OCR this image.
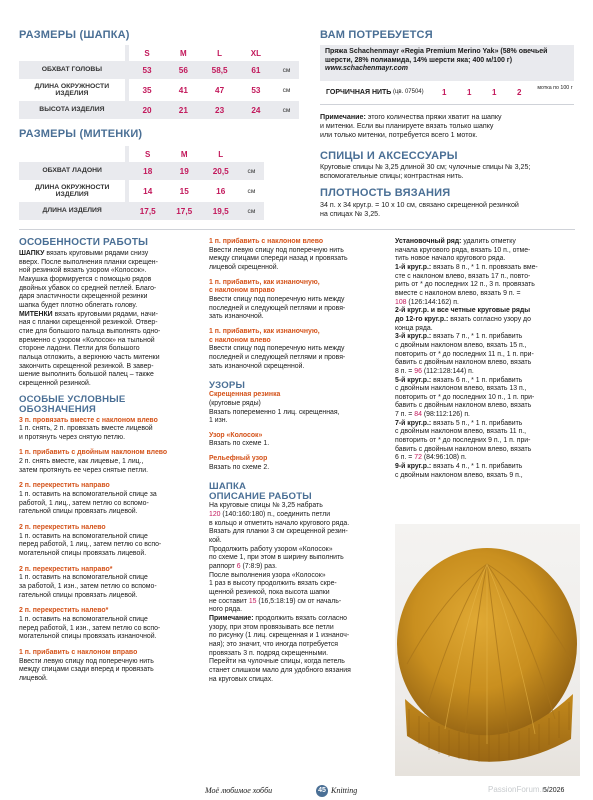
РАЗМЕРЫ (ШАПКА)
		S	M	L	XL	
ОБХВАТ ГОЛОВЫ		53	56	58,5	61	см
ДЛИНА ОКРУЖНОСТИ ИЗДЕЛИЯ		35	41	47	53	см
ВЫСОТА ИЗДЕЛИЯ		20	21	23	24	см
РАЗМЕРЫ (МИТЕНКИ)
		S	M	L	
ОБХВАТ ЛАДОНИ		18	19	20,5	см
ДЛИНА ОКРУЖНОСТИ ИЗДЕЛИЯ		14	15	16	см
ДЛИНА ИЗДЕЛИЯ		17,5	17,5	19,5	см
ВАМ ПОТРЕБУЕТСЯ
Пряжа Schachenmayr «Regia Premium Merino Yak» (58% овечьей
шерсти, 28% полиамида, 14% шерсти яка; 400 м/100 г)
www.schachenmayr.com
ГОРЧИЧНАЯ НИТЬ (цв. 07504) 1	1	1	2	мотка по 100 г
Примечание: этого количества пряжи хватит на шапку
и митенки. Если вы планируете вязать только шапку
или только митенки, потребуется всего 1 моток.
СПИЦЫ И АКСЕССУАРЫ
Круговые спицы № 3,25 длиной 30 см; чулочные спицы № 3,25;
вспомогательные спицы; контрастная нить.
ПЛОТНОСТЬ ВЯЗАНИЯ
34 п. x 34 круг.р. = 10 x 10 см, связано скрещенной резинкой
на спицах № 3,25.
ОСОБЕННОСТИ РАБОТЫ
ШАПКУ вязать круговыми рядами снизу
вверх. После выполнения планки скрещен-
ной резинкой вязать узором «Колосок».
Макушка формируется с помощью рядов
двойных убавок со средней петлей. Благо-
даря эластичности скрещенной резинки
шапка будет плотно облегать голову.
МИТЕНКИ вязать круговыми рядами, начи-
ная с планки скрещенной резинкой. Отвер-
стие для большого пальца выполнять одно-
временно с узором «Колосок» на тыльной
стороне ладони. Петли для большого
пальца отложить, а верхнюю часть митенки
закончить скрещенной резинкой. В завер-
шение выполнить большой палец – также
скрещенной резинкой.
ОСОБЫЕ УСЛОВНЫЕ
ОБОЗНАЧЕНИЯ
3 п. провязать вместе с наклоном влево
1 п. снять, 2 п. провязать вместе лицевой
и протянуть через снятую петлю.
1 п. прибавить с двойным наклоном влево
2 п. снять вместе, как лицевые, 1 лиц.,
затем протянуть ее через снятые петли.
2 п. перекрестить направо
1 п. оставить на вспомогательной спице за
работой, 1 лиц., затем петлю со вспомо-
гательной спицы провязать лицевой.
2 п. перекрестить налево
1 п. оставить на вспомогательной спице
перед работой, 1 лиц., затем петлю со вспо-
могательной спицы провязать лицевой.
2 п. перекрестить направо*
1 п. оставить на вспомогательной спице
за работой, 1 изн., затем петлю со вспомо-
гательной спицы провязать лицевой.
2 п. перекрестить налево*
1 п. оставить на вспомогательной спице
перед работой, 1 изн., затем петлю со вспо-
могательной спицы провязать изнаночной.
1 п. прибавить с наклоном вправо
Ввести левую спицу под поперечную нить
между спицами сзади вперед и провязать
лицевой.
1 п. прибавить с наклоном влево
Ввести левую спицу под поперечную нить
между спицами спереди назад и провязать
лицевой скрещенной.
1 п. прибавить, как изнаночную,
с наклоном вправо
Ввести спицу под поперечную нить между
последней и следующей петлями и провя-
зать изнаночной.
1 п. прибавить, как изнаночную,
с наклоном влево
Ввести спицу под поперечную нить между
последней и следующей петлями и провя-
зать изнаночной скрещенной.
УЗОРЫ
Скрещенная резинка
(круговые ряды)
Вязать попеременно 1 лиц. скрещенная,
1 изн.
Узор «Колосок»
Вязать по схеме 1.
Рельефный узор
Вязать по схеме 2.
ШАПКА
ОПИСАНИЕ РАБОТЫ
На круговые спицы № 3,25 набрать
120 (140:160:180) п., соединить петли
в кольцо и отметить начало кругового ряда.
Вязать для планки 3 см скрещенной резин-
кой.
Продолжить работу узором «Колосок»
по схеме 1, при этом в ширину выполнить
раппорт 6 (7:8:9) раз.
После выполнения узора «Колосок»
1 раз в высоту продолжить вязать скре-
щенной резинкой, пока высота шапки
не составит 15 (16,5:18:19) см от началь-
ного ряда.
Примечание: продолжить вязать согласно
узору, при этом провязывать все петли
по рисунку (1 лиц. скрещенная и 1 изнаноч-
ная); это значит, что иногда потребуется
провязать 3 п. подряд скрещенными.
Перейти на чулочные спицы, когда петель
станет слишком мало для удобного вязания
на круговых спицах.
Установочный ряд: удалить отметку
начала кругового ряда, вязать 10 п., отме-
тить новое начало кругового ряда.
1-й круг.р.: вязать 8 п., * 1 п. провязать вме-
сте с наклоном влево, вязать 17 п., повто-
рить от * до последних 12 п., 3 п. провязать
вместе с наклоном влево, вязать 9 п. =
108 (126:144:162) п.
2-й круг.р. и все четные круговые ряды
до 12-го круг.р.: вязать согласно узору до
конца ряда.
3-й круг.р.: вязать 7 п., * 1 п. прибавить
с двойным наклоном влево, вязать 15 п.,
повторить от * до последних 11 п., 1 п. при-
бавить с двойным наклоном влево, вязать
8 п. = 96 (112:128:144) п.
5-й круг.р.: вязать 6 п., * 1 п. прибавить
с двойным наклоном влево, вязать 13 п.,
повторить от * до последних 10 п., 1 п. при-
бавить с двойным наклоном влево, вязать
7 п. = 84 (98:112:126) п.
7-й круг.р.: вязать 5 п., * 1 п. прибавить
с двойным наклоном влево, вязать 11 п.,
повторить от * до последних 9 п., 1 п. при-
бавить с двойным наклоном влево, вязать
6 п. = 72 (84:96:108) п.
9-й круг.р.: вязать 4 п., * 1 п. прибавить
с двойным наклоном влево, вязать 9 п.,
Моё любимое хобби	45 Knitting	5/2026
PassionForum.ru
